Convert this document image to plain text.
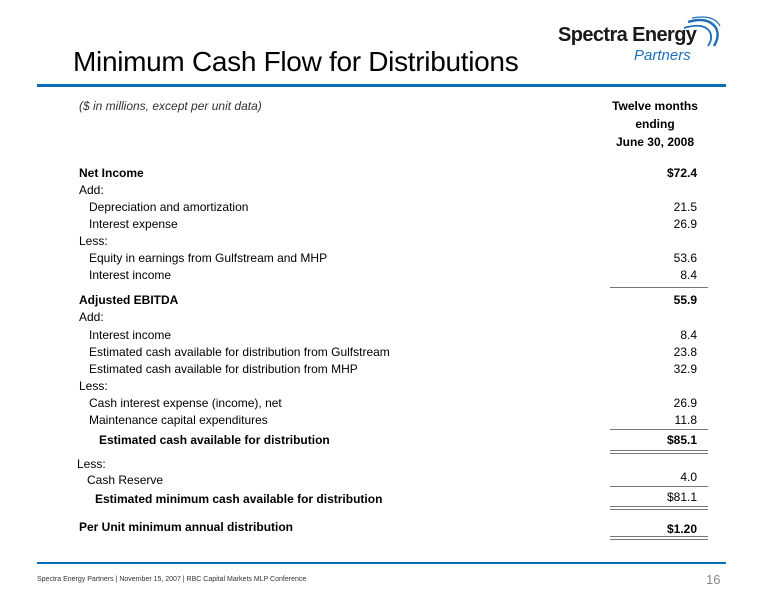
Minimum Cash Flow for Distributions
Spectra Energy
Partners
($ in millions, except per unit data)	Twelve months
ending
June 30, 2008
Net Income	$72.4
Add:
Depreciation and amortization	21.5
Interest expense	26.9
Less:
Equity in earnings from Gulfstream and MHP	53.6
Interest income	8.4
Adjusted EBITDA	55.9
Add:
Interest income	8.4
Estimated cash available for distribution from Gulfstream	23.8
Estimated cash available for distribution from MHP	32.9
Less:
Cash interest expense (income), net	26.9
Maintenance capital expenditures	11.8
Estimated cash available for distribution	$85.1
Less:
Cash Reserve	4.0
Estimated minimum cash available for distribution	$81.1
Per Unit minimum annual distribution	$1.20
Spectra Energy Partners | November 15, 2007 | RBC Capital Markets MLP Conference	16
